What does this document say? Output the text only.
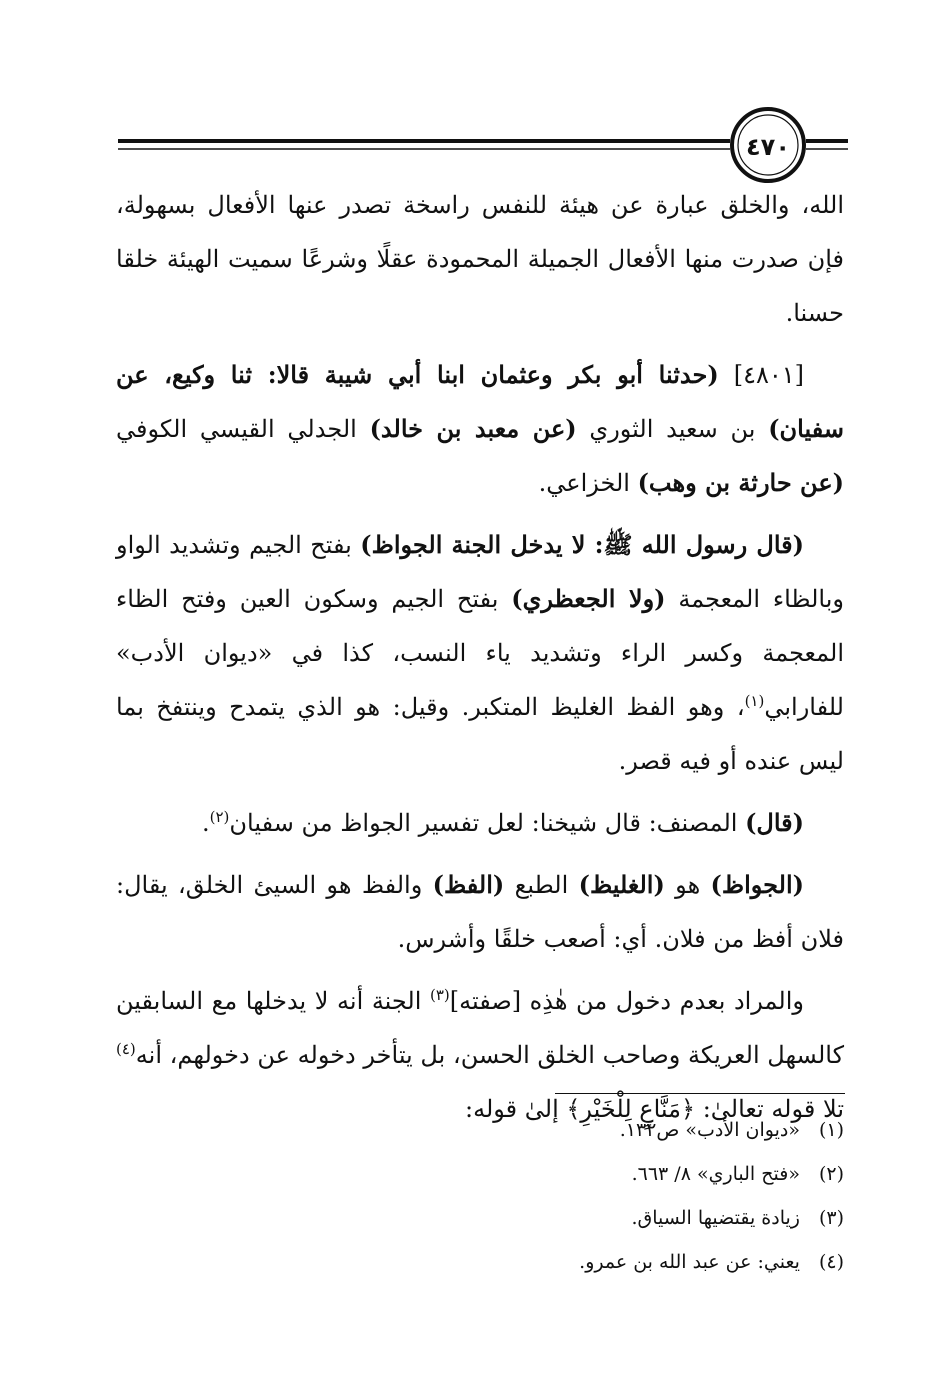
٤٧٠

الله، والخلق عبارة عن هيئة للنفس راسخة تصدر عنها الأفعال بسهولة، فإن صدرت منها الأفعال الجميلة المحمودة عقلًا وشرعًا سميت الهيئة خلقا حسنا.

[٤٨٠١] (حدثنا أبو بكر وعثمان ابنا أبي شيبة قالا: ثنا وكيع، عن سفيان) بن سعيد الثوري (عن معبد بن خالد) الجدلي القيسي الكوفي (عن حارثة بن وهب) الخزاعي.

(قال رسول الله ﷺ: لا يدخل الجنة الجواظ) بفتح الجيم وتشديد الواو وبالظاء المعجمة (ولا الجعظري) بفتح الجيم وسكون العين وفتح الظاء المعجمة وكسر الراء وتشديد ياء النسب، كذا في «ديوان الأدب» للفارابي$^{(١)}$، وهو الفظ الغليظ المتكبر. وقيل: هو الذي يتمدح وينتفخ بما ليس عنده أو فيه قصر.

(قال) المصنف: قال شيخنا: لعل تفسير الجواظ من سفيان$^{(٢)}$.

(الجواظ) هو (الغليظ) الطبع (الفظ) والفظ هو السيئ الخلق، يقال: فلان أفظ من فلان. أي: أصعب خلقًا وأشرس.

والمراد بعدم دخول من هٰذِه [صفته]$^{(٣)}$ الجنة أنه لا يدخلها مع السابقين كالسهل العريكة وصاحب الخلق الحسن، بل يتأخر دخوله عن دخولهم، أنه$^{(٤)}$ تلا قوله تعالىٰ: ﴿مَنَّاعٍ لِلْخَيْرِ﴾ إلىٰ قوله:

(١) «ديوان الأدب» ص١٣٢.
(٢) «فتح الباري» ٨/ ٦٦٣.
(٣) زيادة يقتضيها السياق.
(٤) يعني: عن عبد الله بن عمرو.
